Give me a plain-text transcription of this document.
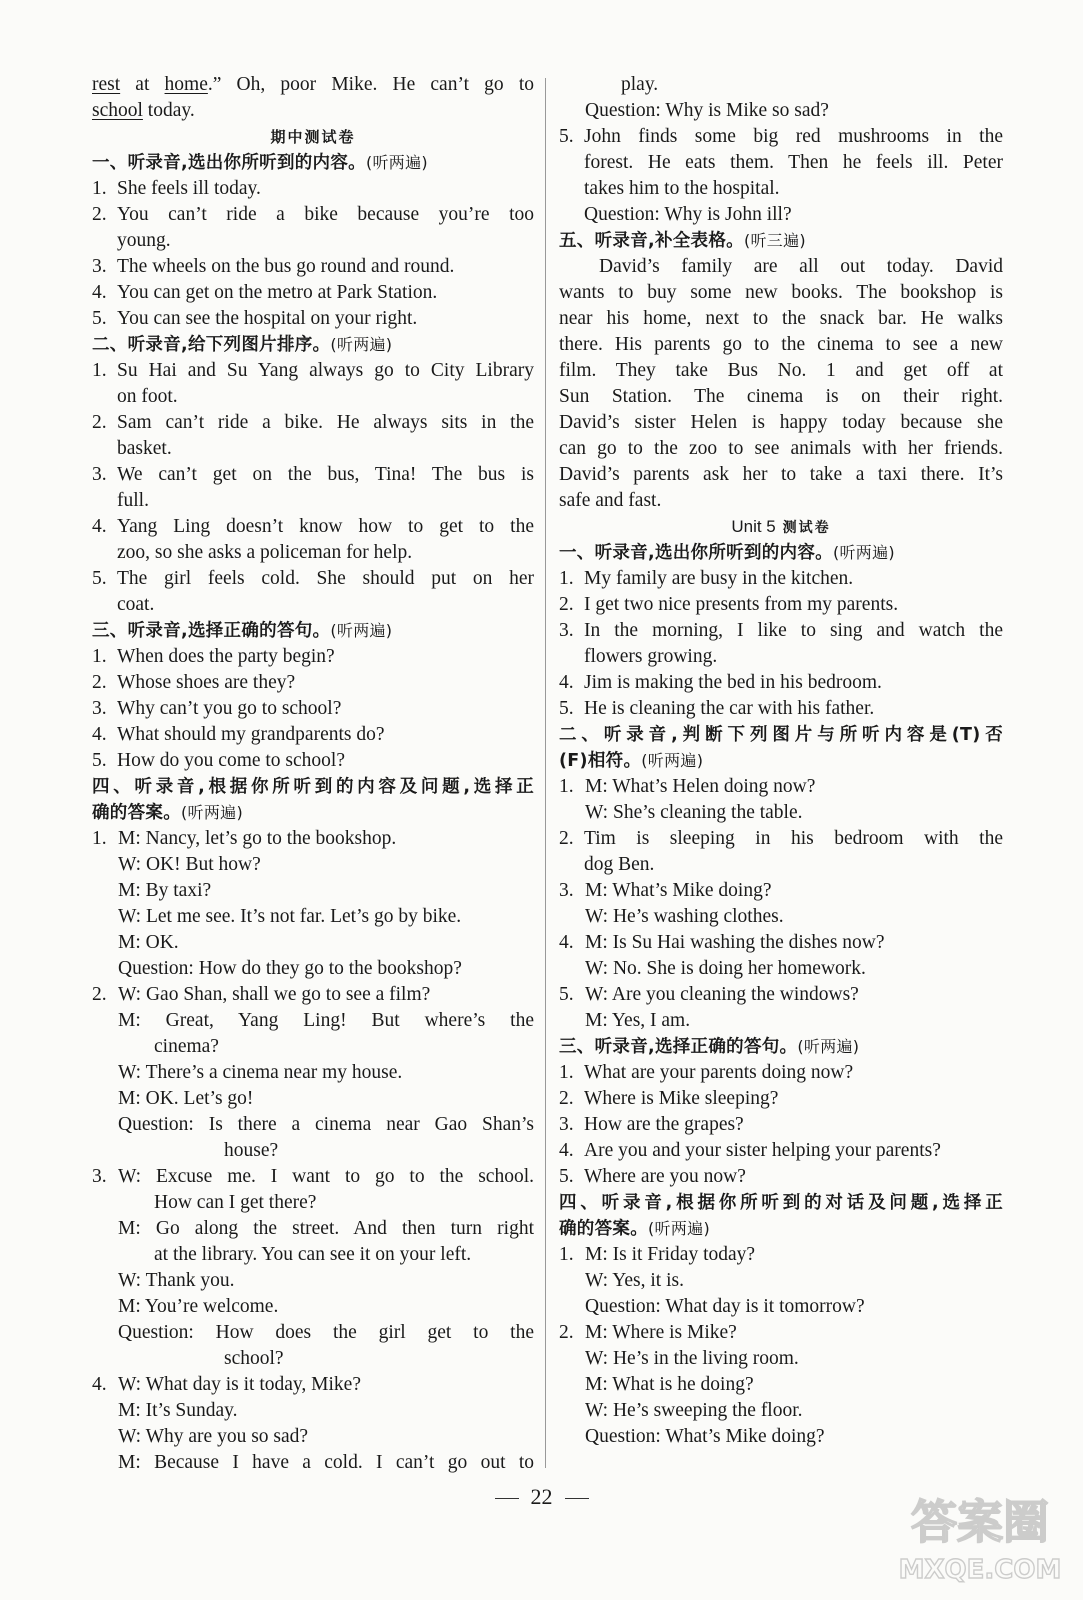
rest at home.” Oh, poor Mike. He can’t go to
school today.
期中测试卷
一、听录音,选出你所听到的内容。(听两遍)
1. She feels ill today.
2. You can’t ride a bike because you’re too
young.
3. The wheels on the bus go round and round.
4. You can get on the metro at Park Station.
5. You can see the hospital on your right.
二、听录音,给下列图片排序。(听两遍)
1. Su Hai and Su Yang always go to City Library
on foot.
2. Sam can’t ride a bike. He always sits in the
basket.
3. We can’t get on the bus, Tina! The bus is
full.
4. Yang Ling doesn’t know how to get to the
zoo, so she asks a policeman for help.
5. The girl feels cold. She should put on her
coat.
三、听录音,选择正确的答句。(听两遍)
1. When does the party begin?
2. Whose shoes are they?
3. Why can’t you go to school?
4. What should my grandparents do?
5. How do you come to school?
四、听录音,根据你所听到的内容及问题,选择正
确的答案。(听两遍)
1. M: Nancy, let’s go to the bookshop.
W: OK! But how?
M: By taxi?
W: Let me see. It’s not far. Let’s go by bike.
M: OK.
Question: How do they go to the bookshop?
2. W: Gao Shan, shall we go to see a film?
M: Great, Yang Ling! But where’s the
cinema?
W: There’s a cinema near my house.
M: OK. Let’s go!
Question: Is there a cinema near Gao Shan’s
house?
3. W: Excuse me. I want to go to the school.
How can I get there?
M: Go along the street. And then turn right
at the library. You can see it on your left.
W: Thank you.
M: You’re welcome.
Question: How does the girl get to the
school?
4. W: What day is it today, Mike?
M: It’s Sunday.
W: Why are you so sad?
M: Because I have a cold. I can’t go out to
play.
Question: Why is Mike so sad?
5. John finds some big red mushrooms in the
forest. He eats them. Then he feels ill. Peter
takes him to the hospital.
Question: Why is John ill?
五、听录音,补全表格。(听三遍)
David’s family are all out today. David
wants to buy some new books. The bookshop is
near his home, next to the snack bar. He walks
there. His parents go to the cinema to see a new
film. They take Bus No. 1 and get off at
Sun Station. The cinema is on their right.
David’s sister Helen is happy today because she
can go to the zoo to see animals with her friends.
David’s parents ask her to take a taxi there. It’s
safe and fast.
Unit 5 测试卷
一、听录音,选出你所听到的内容。(听两遍)
1. My family are busy in the kitchen.
2. I get two nice presents from my parents.
3. In the morning, I like to sing and watch the
flowers growing.
4. Jim is making the bed in his bedroom.
5. He is cleaning the car with his father.
二、听录音,判断下列图片与所听内容是(T)否
(F)相符。(听两遍)
1. M: What’s Helen doing now?
W: She’s cleaning the table.
2. Tim is sleeping in his bedroom with the
dog Ben.
3. M: What’s Mike doing?
W: He’s washing clothes.
4. M: Is Su Hai washing the dishes now?
W: No. She is doing her homework.
5. W: Are you cleaning the windows?
M: Yes, I am.
三、听录音,选择正确的答句。(听两遍)
1. What are your parents doing now?
2. Where is Mike sleeping?
3. How are the grapes?
4. Are you and your sister helping your parents?
5. Where are you now?
四、听录音,根据你所听到的对话及问题,选择正
确的答案。(听两遍)
1. M: Is it Friday today?
W: Yes, it is.
Question: What day is it tomorrow?
2. M: Where is Mike?
W: He’s in the living room.
M: What is he doing?
W: He’s sweeping the floor.
Question: What’s Mike doing?
22	答案圈
MXQE.COM
